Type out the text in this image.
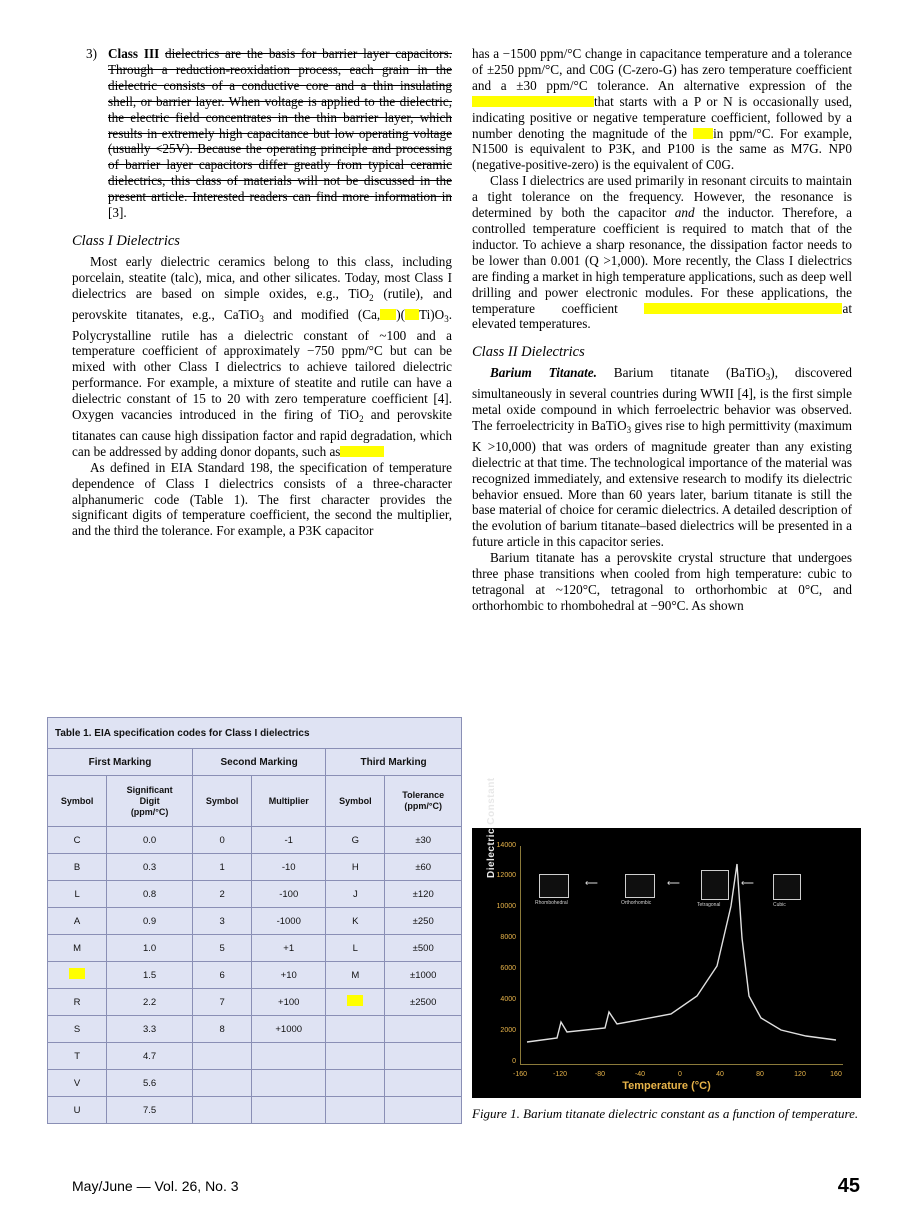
3) Class III dielectrics are the basis for barrier layer capacitors. Through a reduction-reoxidation process, each grain in the dielectric consists of a conductive core and a thin insulating shell, or barrier layer. When voltage is applied to the dielectric, the electric field concentrates in the thin barrier layer, which results in extremely high capacitance but low operating voltage (usually <25V). Because the operating principle and processing of barrier layer capacitors differ greatly from typical ceramic dielectrics, this class of materials will not be discussed in the present article. Interested readers can find more information in [3].
Class I Dielectrics

Most early dielectric ceramics belong to this class, including porcelain, steatite (talc), mica, and other silicates. Today, most Class I dielectrics are based on simple oxides, e.g., TiO$_2$ (rutile), and perovskite titanates, e.g., CaTiO$_3$ and modified (Ca, )( $Ti)O_3$. Polycrystalline rutile has a dielectric constant of ~100 and a temperature coefficient of approximately −750 ppm/°C but can be mixed with other Class I dielectrics to achieve tailored dielectric performance. For example, a mixture of steatite and rutile can have a dielectric constant of 15 to 20 with zero temperature coefficient [4]. Oxygen vacancies introduced in the firing of TiO$_2$ and perovskite titanates can cause high dissipation factor and rapid degradation, which can be addressed by adding donor dopants, such as

As defined in EIA Standard 198, the specification of temperature dependence of Class I dielectrics consists of a three-character alphanumeric code (Table 1). The first character provides the significant digits of temperature coefficient, the second the multiplier, and the third the tolerance. For example, a P3K capacitor

has a −1500 ppm/°C change in capacitance temperature and a tolerance of ±250 ppm/°C, and C0G (C-zero-G) has zero temperature coefficient and a ±30 ppm/°C tolerance. An alternative expression of the that starts with a P or N is occasionally used, indicating positive or negative temperature coefficient, followed by a number denoting the magnitude of the in ppm/°C. For example, N1500 is equivalent to P3K, and P100 is the same as M7G. NP0 (negative-positive-zero) is the equivalent of C0G.

Class I dielectrics are used primarily in resonant circuits to maintain a tight tolerance on the frequency. However, the resonance is determined by both the capacitor and the inductor. Therefore, a controlled temperature coefficient is required to match that of the inductor. To achieve a sharp resonance, the dissipation factor needs to be lower than 0.001 (Q >1,000). More recently, the Class I dielectrics are finding a market in high temperature applications, such as deep well drilling and power electronic modules. For these applications, the temperature coefficient	at elevated temperatures.

Class II Dielectrics

Barium Titanate. Barium titanate (BaTiO$_3$), discovered simultaneously in several countries during WWII [4], is the first simple metal oxide compound in which ferroelectric behavior was observed. The ferroelectricity in BaTiO$_3$ gives rise to high permittivity (maximum K >10,000) that was orders of magnitude greater than any existing dielectric at that time. The technological importance of the material was recognized immediately, and extensive research to modify its dielectric behavior ensued. More than 60 years later, barium titanate is still the base material of choice for ceramic dielectrics. A detailed description of the evolution of barium titanate–based dielectrics will be presented in a future article in this capacitor series.

Barium titanate has a perovskite crystal structure that undergoes three phase transitions when cooled from high temperature: cubic to tetragonal at ~120°C, tetragonal to orthorhombic at 0°C, and orthorhombic to rhombohedral at −90°C. As shown

Table 1. EIA specification codes for Class I dielectrics					
First Marking		Second Marking		Third Marking	
Symbol	Significant
Digit
(ppm/°C)	Symbol	Multiplier	Symbol	Tolerance
(ppm/°C)
C	0.0	0	-1	G	±30
B	0.3	1	-10	H	±60
L	0.8	2	-100	J	±120
A	0.9	3	-1000	K	±250
M	1.0	5	+1	L	±500
	1.5	6	+10	M	±1000
R	2.2	7	+100		±2500
S	3.3	8	+1000		
T	4.7				
V	5.6				
U	7.5				
Dielectric Constant 14000
12000
10000
8000
6000
4000
2000
0
Rhombohedral	Orthorhombic	Tetragonal	Cubic
⟵	⟵	⟵
-160	-120	-80	-40	0	40	80	120	160
Temperature (°C)
Figure 1. Barium titanate dielectric constant as a function of temperature.
May/June — Vol. 26, No. 3	45
